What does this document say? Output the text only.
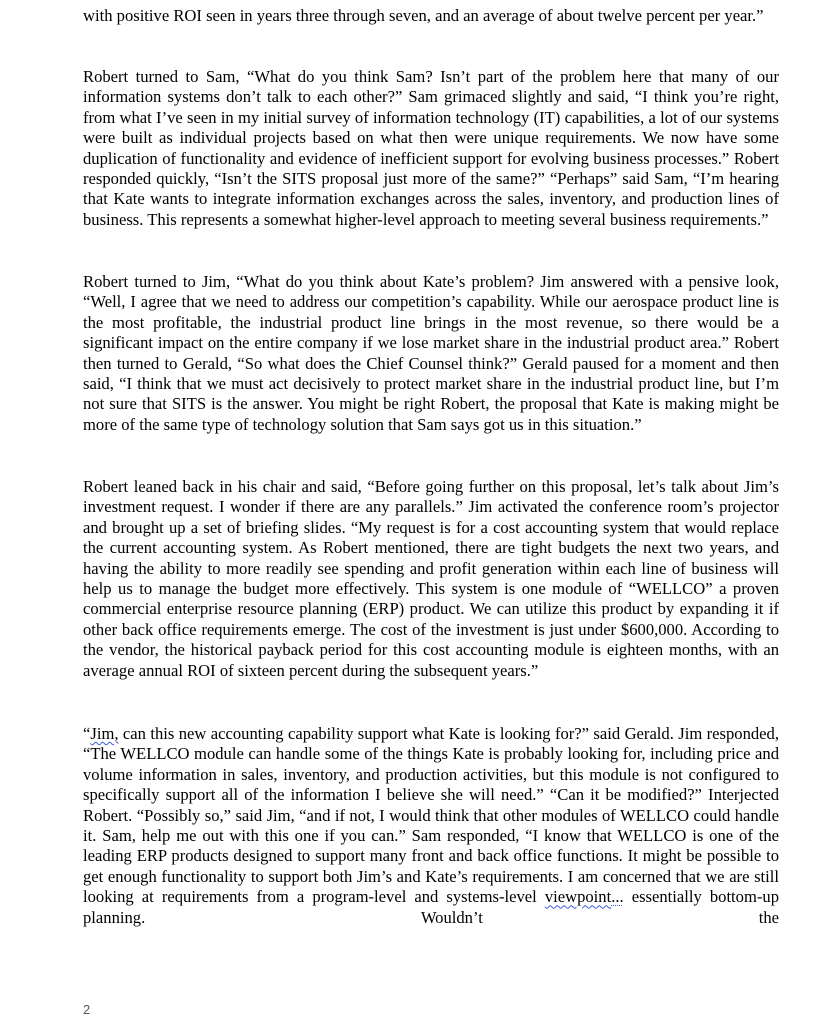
with positive ROI seen in years three through seven, and an average of about twelve percent per year.”

Robert turned to Sam, “What do you think Sam? Isn’t part of the problem here that many of our information systems don’t talk to each other?” Sam grimaced slightly and said, “I think you’re right, from what I’ve seen in my initial survey of information technology (IT) capabilities, a lot of our systems were built as individual projects based on what then were unique requirements. We now have some duplication of functionality and evidence of inefficient support for evolving business processes.” Robert responded quickly, “Isn’t the SITS proposal just more of the same?” “Perhaps” said Sam, “I’m hearing that Kate wants to integrate information exchanges across the sales, inventory, and production lines of business. This represents a somewhat higher-level approach to meeting several business requirements.”

Robert turned to Jim, “What do you think about Kate’s problem? Jim answered with a pensive look, “Well, I agree that we need to address our competition’s capability. While our aerospace product line is the most profitable, the industrial product line brings in the most revenue, so there would be a significant impact on the entire company if we lose market share in the industrial product area.” Robert then turned to Gerald, “So what does the Chief Counsel think?” Gerald paused for a moment and then said, “I think that we must act decisively to protect market share in the industrial product line, but I’m not sure that SITS is the answer. You might be right Robert, the proposal that Kate is making might be more of the same type of technology solution that Sam says got us in this situation.”

Robert leaned back in his chair and said, “Before going further on this proposal, let’s talk about Jim’s investment request. I wonder if there are any parallels.” Jim activated the conference room’s projector and brought up a set of briefing slides. “My request is for a cost accounting system that would replace the current accounting system. As Robert mentioned, there are tight budgets the next two years, and having the ability to more readily see spending and profit generation within each line of business will help us to manage the budget more effectively. This system is one module of “WELLCO” a proven commercial enterprise resource planning (ERP) product. We can utilize this product by expanding it if other back office requirements emerge. The cost of the investment is just under $600,000. According to the vendor, the historical payback period for this cost accounting module is eighteen months, with an average annual ROI of sixteen percent during the subsequent years.”

“Jim, can this new accounting capability support what Kate is looking for?” said Gerald. Jim responded, “The WELLCO module can handle some of the things Kate is probably looking for, including price and volume information in sales, inventory, and production activities, but this module is not configured to specifically support all of the information I believe she will need.” “Can it be modified?” Interjected Robert. “Possibly so,” said Jim, “and if not, I would think that other modules of WELLCO could handle it. Sam, help me out with this one if you can.” Sam responded, “I know that WELLCO is one of the leading ERP products designed to support many front and back office functions. It might be possible to get enough functionality to support both Jim’s and Kate’s requirements. I am concerned that we are still looking at requirements from a program-level and systems-level viewpoint... essentially bottom-up planning. Wouldn’t the

2
